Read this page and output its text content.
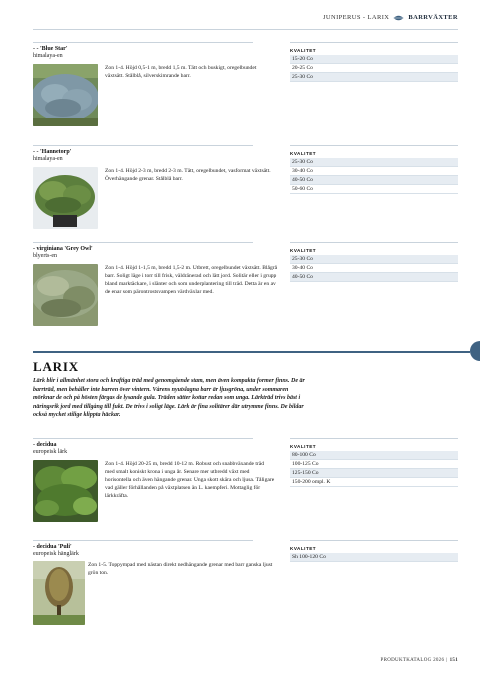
JUNIPERUS - LARIX	BARRVÄXTER
- - 'Blue Star'
himalaya-en
Zon 1-4. Höjd 0,5-1 m, bredd 1,5 m. Tätt och buskigt, oregelbundet växtsätt. Stålblå, silverskimrande barr.
KVALITET
15-20 Co
20-25 Co
25-30 Co
- - 'Hannetorp'
himalaya-en
Zon 1-4. Höjd 2-3 m, bredd 2-3 m. Tätt, oregelbundet, vasformat växtsätt. Överhängande grenar. Stålblå barr.
KVALITET
25-30 Co
30-40 Co
40-50 Co
50-60 Co
- virginiana 'Grey Owl'
blyerts-en
Zon 1-4. Höjd 1-1,5 m, bredd 1,5-2 m. Utbrett, oregelbundet växtsätt. Blågrå barr. Soligt läge i torr till frisk, väldränerad och lätt jord. Solitär eller i grupp bland marktäckare, i slänter och som underplantering till träd. Detta är en av de enar som pärontrostsvampen värdväxlar med.
KVALITET
25-30 Co
30-40 Co
40-50 Co
LARIX
Lärk blir i allmänhet stora och kraftiga träd med genomgående stam, men även kompakta former finns. De är barrträd, men behåller inte barren över vintern. Vårens nyutslagna barr är ljusgröna, under sommaren mörknar de och på hösten färgas de lysande gula. Träden sätter kottar redan som unga. Lärkträd trivs bäst i näringsrik jord med tillgång till fukt. De trivs i soligt läge. Lärk är fina solitärer där utrymme finns. De bildar också mycket stilige klippta häckar.
- decidua
europeisk lärk
Zon 1-4. Höjd 20-25 m, bredd 10-12 m. Robust och snabbväxande träd med smalt koniskt krona i unga år. Senare mer utbredd växt med horisontella och även hängande grenar. Unga skott skära och ljusa. Tåligare vad gäller förhållanden på växtplatsen än L. kaempferi. Mottaglig för lärkkräfta.
KVALITET
80-100 Co
100-125 Co
125-150 Co
150-200 ompl. K
- decidua 'Puli'
europeisk hänglärk
Zon 1-5. Toppympad med nästan direkt nedhängande grenar med barr ganska ljust grön ton.
KVALITET
Sh 100-120 Co
PRODUKTKATALOG 2026 | 151
